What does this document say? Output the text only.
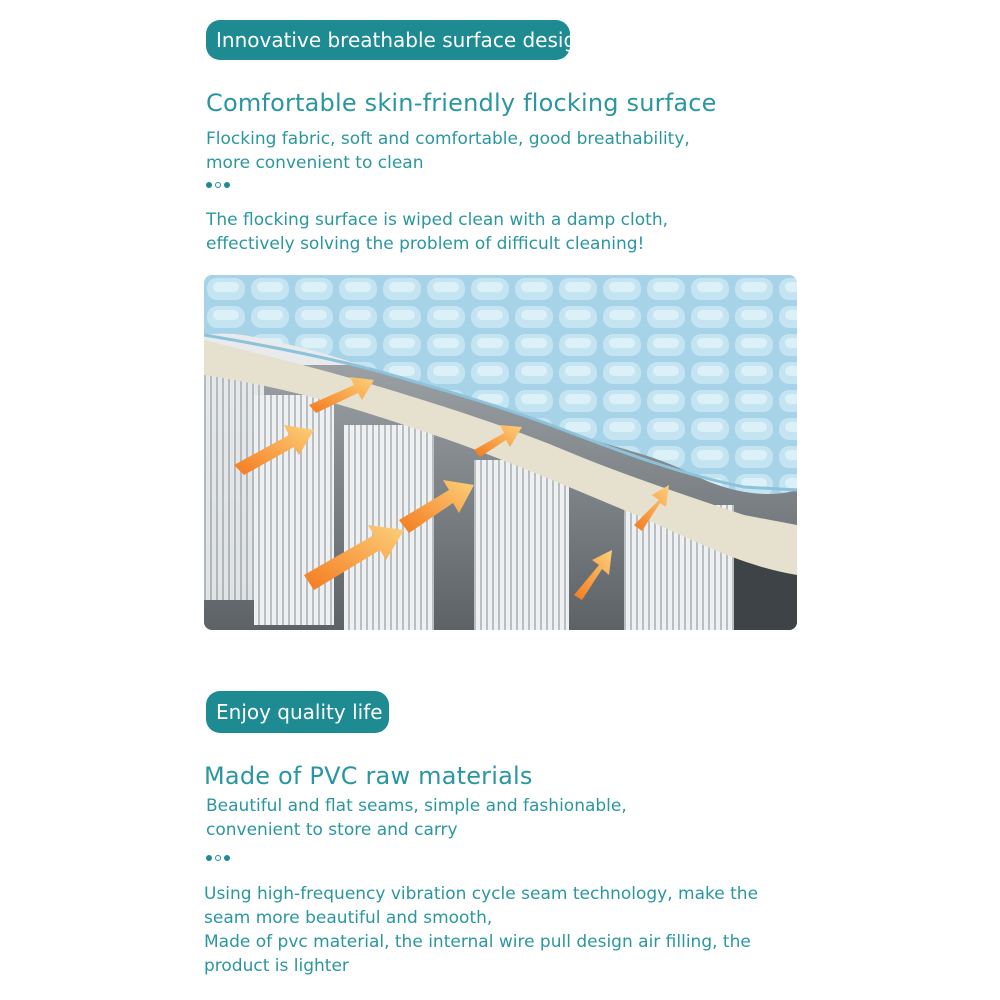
Innovative breathable surface design
Comfortable skin-friendly flocking surface
Flocking fabric, soft and comfortable, good breathability,
more convenient to clean
The flocking surface is wiped clean with a damp cloth,
effectively solving the problem of difficult cleaning!
Enjoy quality life
Made of PVC raw materials
Beautiful and flat seams, simple and fashionable,
convenient to store and carry
Using high-frequency vibration cycle seam technology, make the
seam more beautiful and smooth,
Made of pvc material, the internal wire pull design air filling, the
product is lighter
